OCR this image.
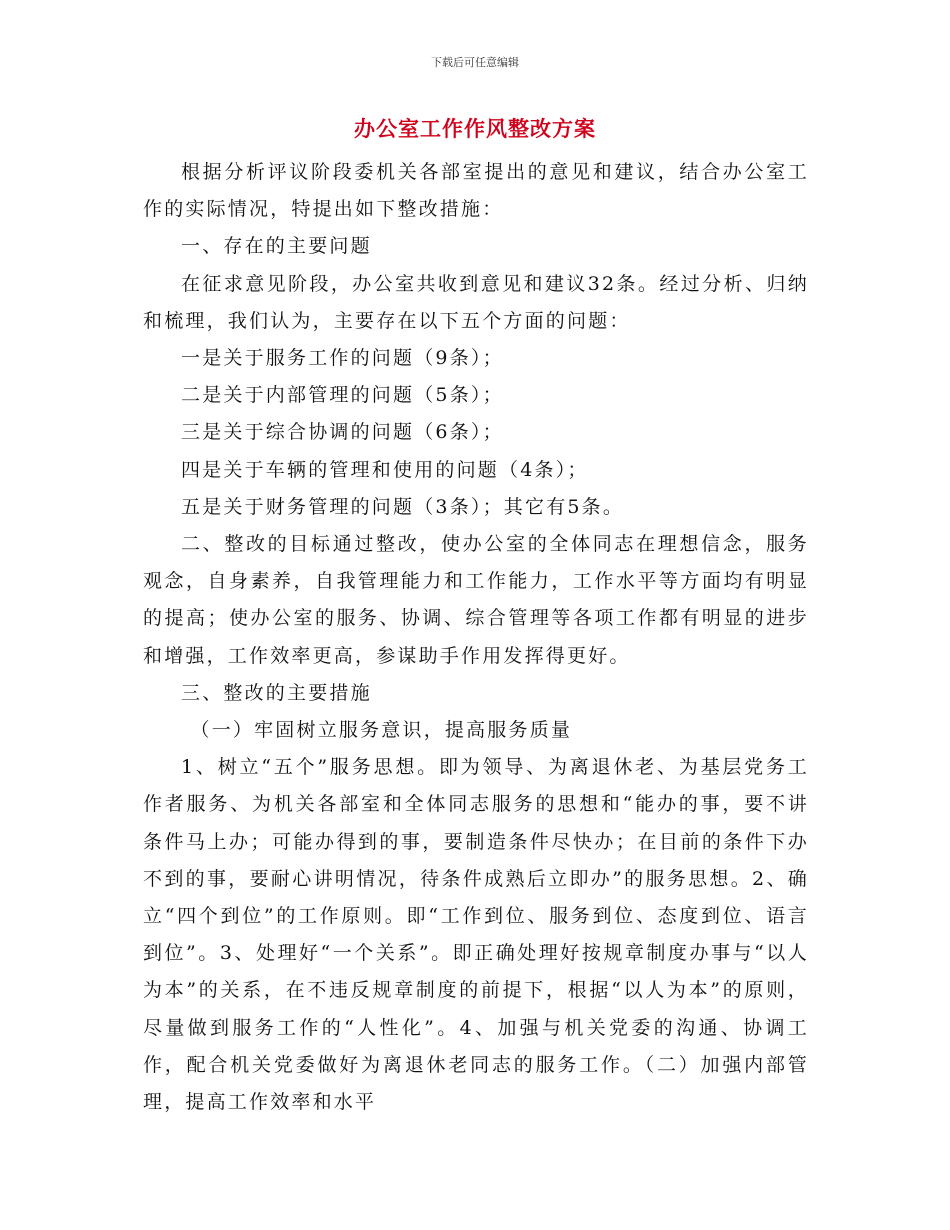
下载后可任意编辑
办公室工作作风整改方案

根据分析评议阶段委机关各部室提出的意见和建议，结合办公室工作的实际情况，特提出如下整改措施：

一、存在的主要问题

在征求意见阶段，办公室共收到意见和建议32条。经过分析、归纳和梳理，我们认为，主要存在以下五个方面的问题：

一是关于服务工作的问题（9条）；

二是关于内部管理的问题（5条）；

三是关于综合协调的问题（6条）；

四是关于车辆的管理和使用的问题（4条）；

五是关于财务管理的问题（3条）；其它有5条。

二、整改的目标通过整改，使办公室的全体同志在理想信念，服务观念，自身素养，自我管理能力和工作能力，工作水平等方面均有明显的提高；使办公室的服务、协调、综合管理等各项工作都有明显的进步和增强，工作效率更高，参谋助手作用发挥得更好。

三、整改的主要措施

（一）牢固树立服务意识，提高服务质量

1、树立“五个”服务思想。即为领导、为离退休老、为基层党务工作者服务、为机关各部室和全体同志服务的思想和“能办的事，要不讲条件马上办；可能办得到的事，要制造条件尽快办；在目前的条件下办不到的事，要耐心讲明情况，待条件成熟后立即办”的服务思想。2、确立“四个到位”的工作原则。即“工作到位、服务到位、态度到位、语言到位”。3、处理好“一个关系”。即正确处理好按规章制度办事与“以人为本”的关系，在不违反规章制度的前提下，根据“以人为本”的原则，尽量做到服务工作的“人性化”。4、加强与机关党委的沟通、协调工作，配合机关党委做好为离退休老同志的服务工作。（二）加强内部管理，提高工作效率和水平
